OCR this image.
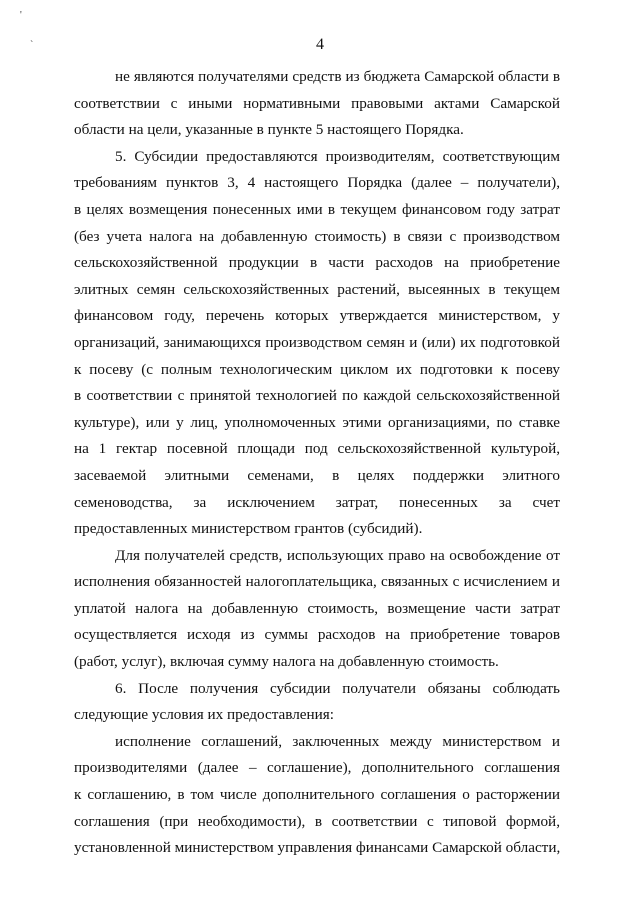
'
`	4
не являются получателями средств из бюджета Самарской области в
соответствии с иными нормативными правовыми актами Самарской
области на цели, указанные в пункте 5 настоящего Порядка.
5. Субсидии предоставляются производителям, соответствующим
требованиям пунктов 3, 4 настоящего Порядка (далее – получатели),
в целях возмещения понесенных ими в текущем финансовом году затрат
(без учета налога на добавленную стоимость) в связи с производством
сельскохозяйственной продукции в части расходов на приобретение
элитных семян сельскохозяйственных растений, высеянных в текущем
финансовом году, перечень которых утверждается министерством, у
организаций, занимающихся производством семян и (или) их подготовкой
к посеву (с полным технологическим циклом их подготовки к посеву
в соответствии с принятой технологией по каждой сельскохозяйственной
культуре), или у лиц, уполномоченных этими организациями, по ставке
на 1 гектар посевной площади под сельскохозяйственной культурой,
засеваемой элитными семенами, в целях поддержки элитного
семеноводства, за исключением затрат, понесенных за счет
предоставленных министерством грантов (субсидий).
Для получателей средств, использующих право на освобождение от
исполнения обязанностей налогоплательщика, связанных с исчислением и
уплатой налога на добавленную стоимость, возмещение части затрат
осуществляется исходя из суммы расходов на приобретение товаров
(работ, услуг), включая сумму налога на добавленную стоимость.
6. После получения субсидии получатели обязаны соблюдать
следующие условия их предоставления:
исполнение соглашений, заключенных между министерством и
производителями (далее – соглашение), дополнительного соглашения
к соглашению, в том числе дополнительного соглашения о расторжении
соглашения (при необходимости), в соответствии с типовой формой,
установленной министерством управления финансами Самарской области,
